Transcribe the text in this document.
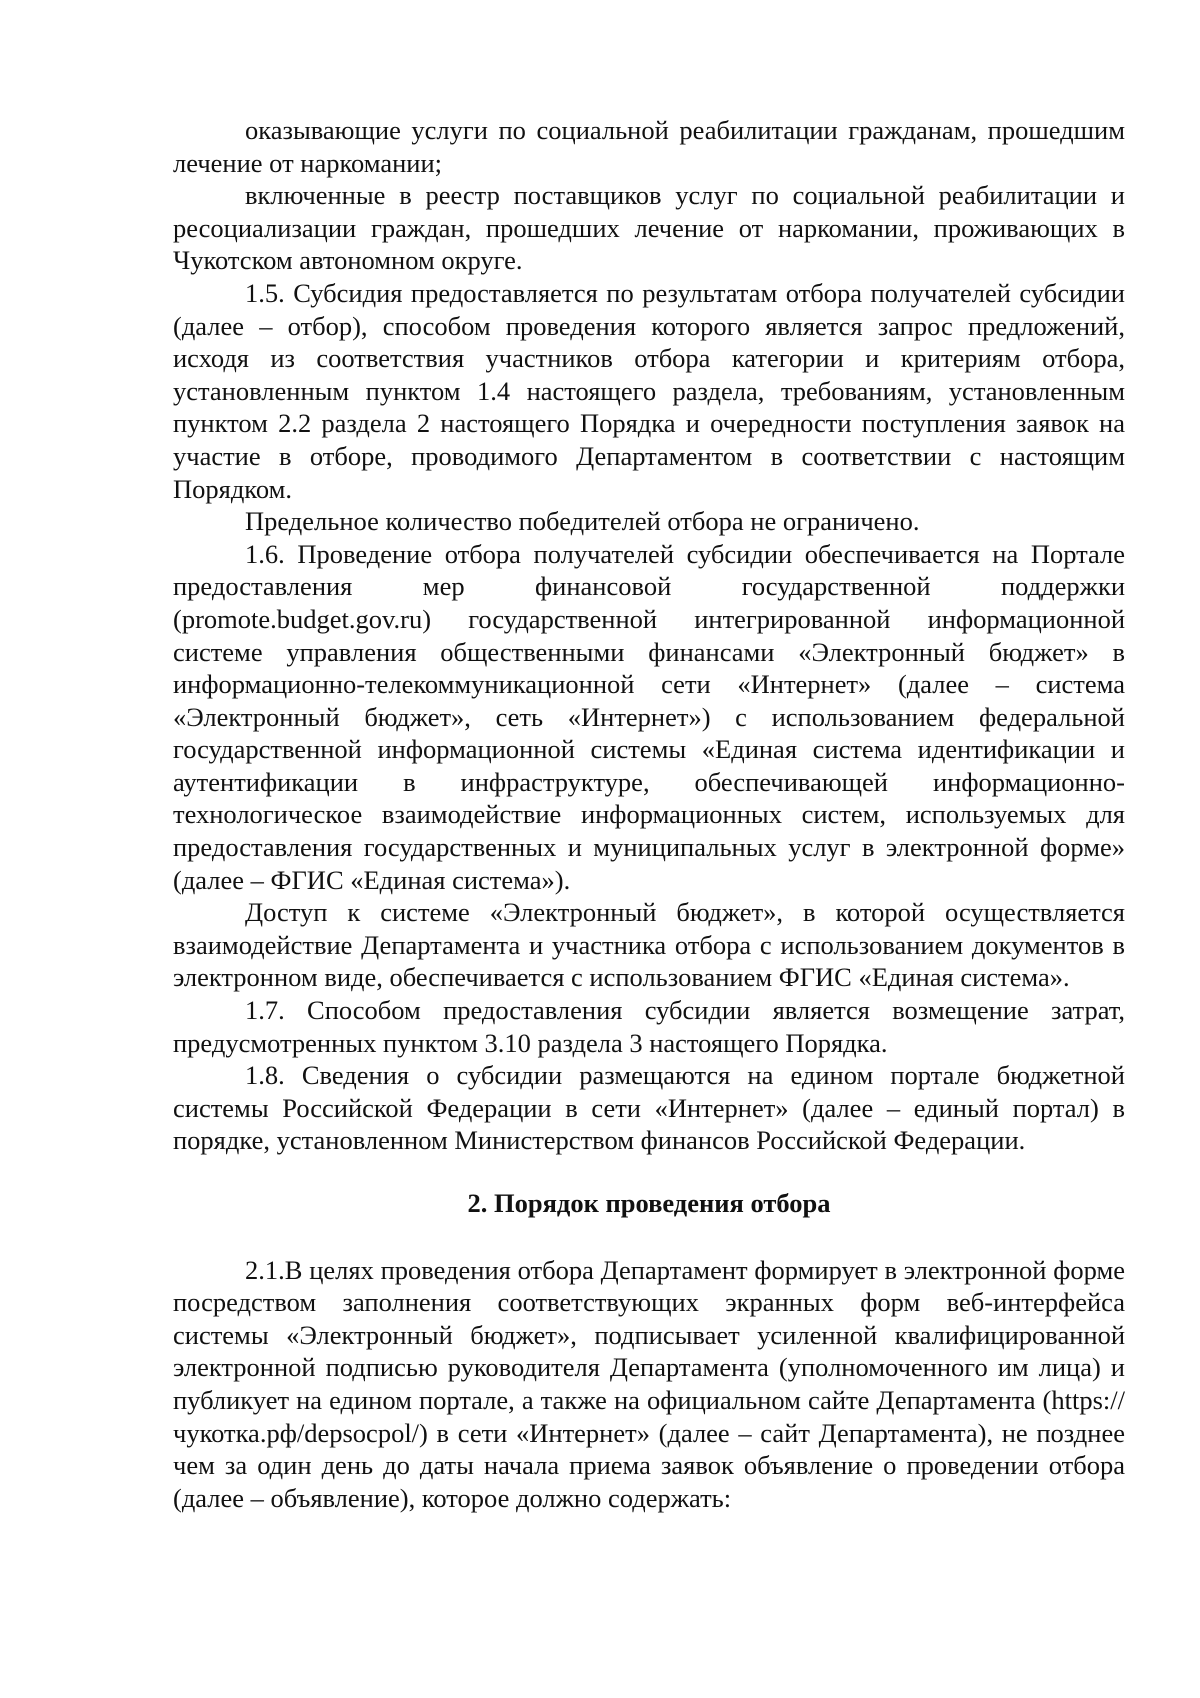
оказывающие услуги по социальной реабилитации гражданам, прошедшим лечение от наркомании;

включенные в реестр поставщиков услуг по социальной реабилитации и ресоциализации граждан, прошедших лечение от наркомании, проживающих в Чукотском автономном округе.

1.5. Субсидия предоставляется по результатам отбора получателей субсидии (далее – отбор), способом проведения которого является запрос предложений, исходя из соответствия участников отбора категории и критериям отбора, установленным пунктом 1.4 настоящего раздела, требованиям, установленным пунктом 2.2 раздела 2 настоящего Порядка и очередности поступления заявок на участие в отборе, проводимого Департаментом в соответствии с настоящим Порядком.

Предельное количество победителей отбора не ограничено.

1.6. Проведение отбора получателей субсидии обеспечивается на Портале предоставления мер финансовой государственной поддержки (promote.budget.gov.ru) государственной интегрированной информационной системе управления общественными финансами «Электронный бюджет» в информационно-телекоммуникационной сети «Интернет» (далее – система «Электронный бюджет», сеть «Интернет») с использованием федеральной государственной информационной системы «Единая система идентификации и аутентификации в инфраструктуре, обеспечивающей информационно-технологическое взаимодействие информационных систем, используемых для предоставления государственных и муниципальных услуг в электронной форме» (далее – ФГИС «Единая система»).

Доступ к системе «Электронный бюджет», в которой осуществляется взаимодействие Департамента и участника отбора с использованием документов в электронном виде, обеспечивается с использованием ФГИС «Единая система».

1.7. Способом предоставления субсидии является возмещение затрат, предусмотренных пунктом 3.10 раздела 3 настоящего Порядка.

1.8. Сведения о субсидии размещаются на едином портале бюджетной системы Российской Федерации в сети «Интернет» (далее – единый портал) в порядке, установленном Министерством финансов Российской Федерации.

2. Порядок проведения отбора

2.1.В целях проведения отбора Департамент формирует в электронной форме посредством заполнения соответствующих экранных форм веб-интерфейса системы «Электронный бюджет», подписывает усиленной квалифицированной электронной подписью руководителя Департамента (уполномоченного им лица) и публикует на едином портале, а также на официальном сайте Департамента (https://чукотка.рф/depsocpol/) в сети «Интернет» (далее – сайт Департамента), не позднее чем за один день до даты начала приема заявок объявление о проведении отбора (далее – объявление), которое должно содержать:
